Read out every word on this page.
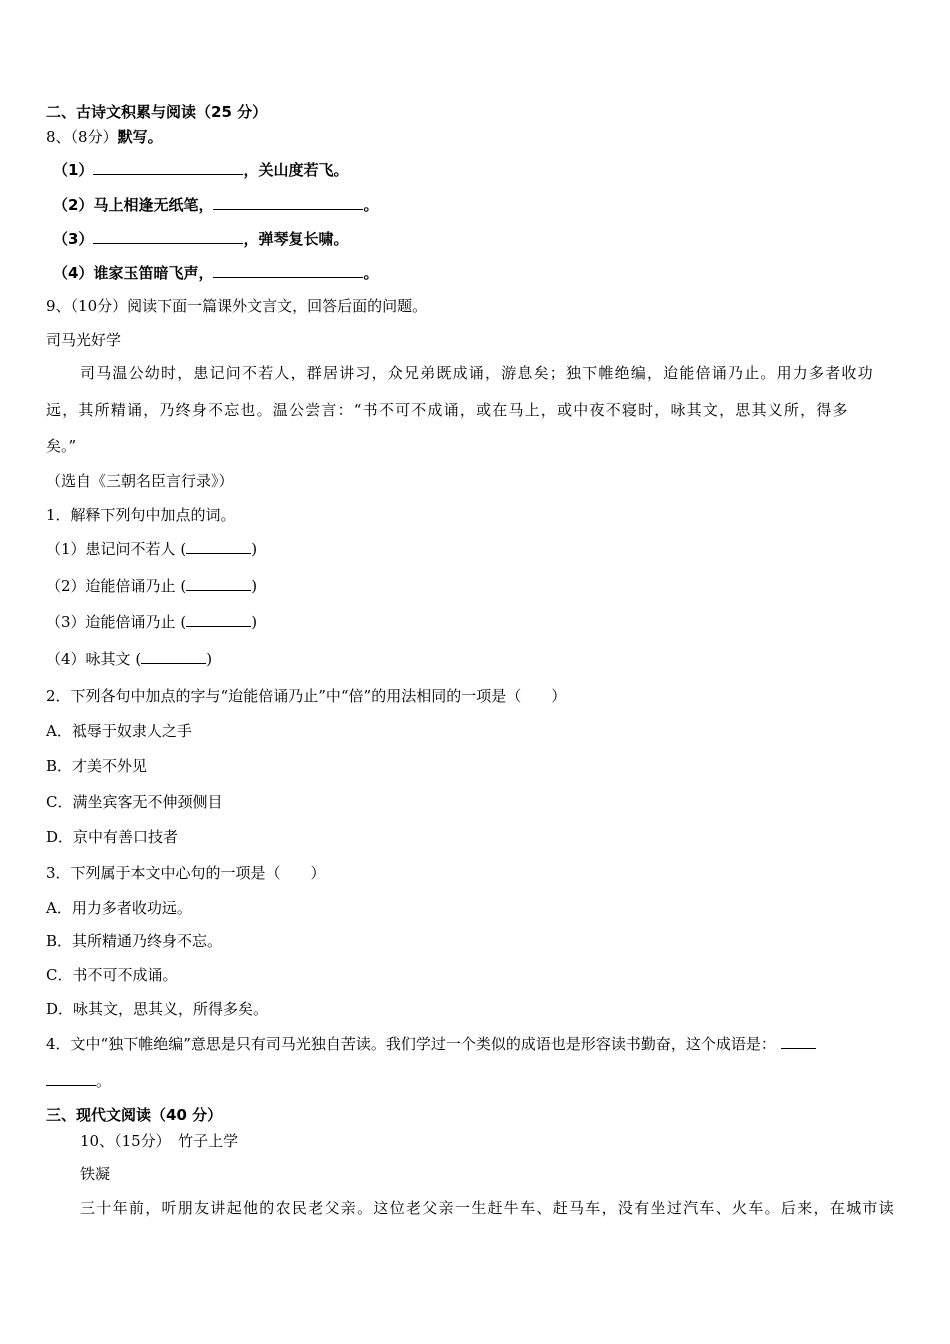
二、古诗文积累与阅读（25 分）
8、（8分）默写。
（1）	，关山度若飞。
（2）马上相逢无纸笔，	。
（3）	，弹琴复长啸。
（4）谁家玉笛暗飞声，	。
9、（10分）阅读下面一篇课外文言文，回答后面的问题。
司马光好学
司马温公幼时，患记问不若人，群居讲习，众兄弟既成诵，游息矣；独下帷绝编，迨能倍诵乃止。用力多者收功
远，其所精诵，乃终身不忘也。温公尝言：“书不可不成诵，或在马上，或中夜不寝时，咏其文，思其义所，得多
矣。”
（选自《三朝名臣言行录》）
1．解释下列句中加点的词。
（1）患记问不若人 (	)
（2）迨能倍诵乃止 (	)
（3）迨能倍诵乃止 (	)
（4）咏其文 (	)
2．下列各句中加点的字与“迨能倍诵乃止”中“倍”的用法相同的一项是（　　）
A．祗辱于奴隶人之手
B．才美不外见
C．满坐宾客无不伸颈侧目
D．京中有善口技者
3．下列属于本文中心句的一项是（　　）
A．用力多者收功远。
B．其所精通乃终身不忘。
C．书不可不成诵。
D．咏其文，思其义，所得多矣。
4．文中“独下帷绝编”意思是只有司马光独自苦读。我们学过一个类似的成语也是形容读书勤奋，这个成语是：
。
三、现代文阅读（40 分）
10、（15分）　竹子上学
铁凝
三十年前，听朋友讲起他的农民老父亲。这位老父亲一生赶牛车、赶马车，没有坐过汽车、火车。后来，在城市读
